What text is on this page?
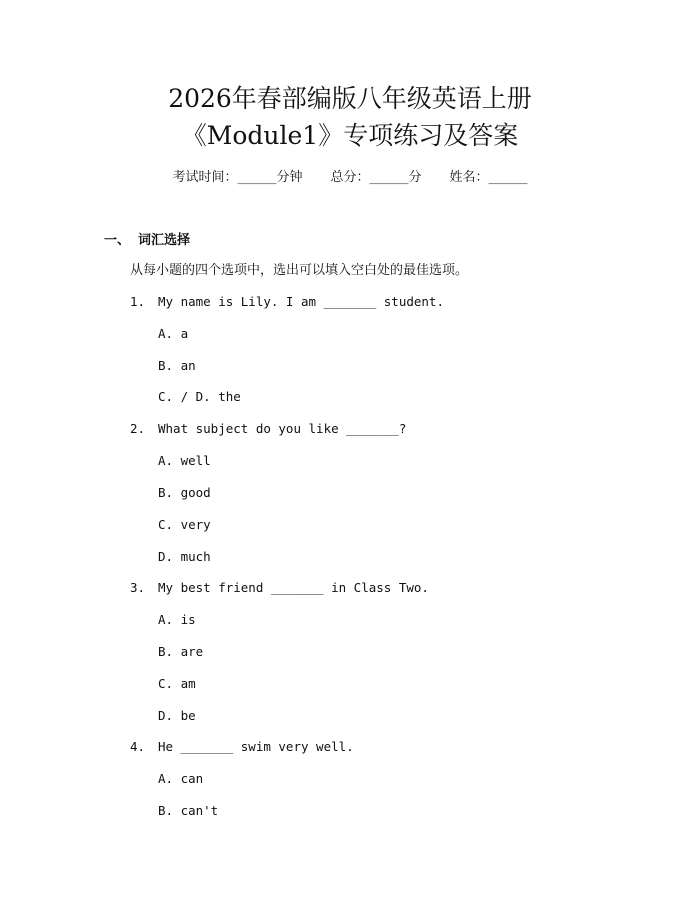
2026年春部编版八年级英语上册
《Module1》专项练习及答案
考试时间：______分钟 总分：______分 姓名：______
一、 词汇选择
从每小题的四个选项中，选出可以填入空白处的最佳选项。
1. My name is Lily. I am _______ student.
A. a
B. an
C. / D. the
2. What subject do you like _______?
A. well
B. good
C. very
D. much
3. My best friend _______ in Class Two.
A. is
B. are
C. am
D. be
4. He _______ swim very well.
A. can
B. can't
